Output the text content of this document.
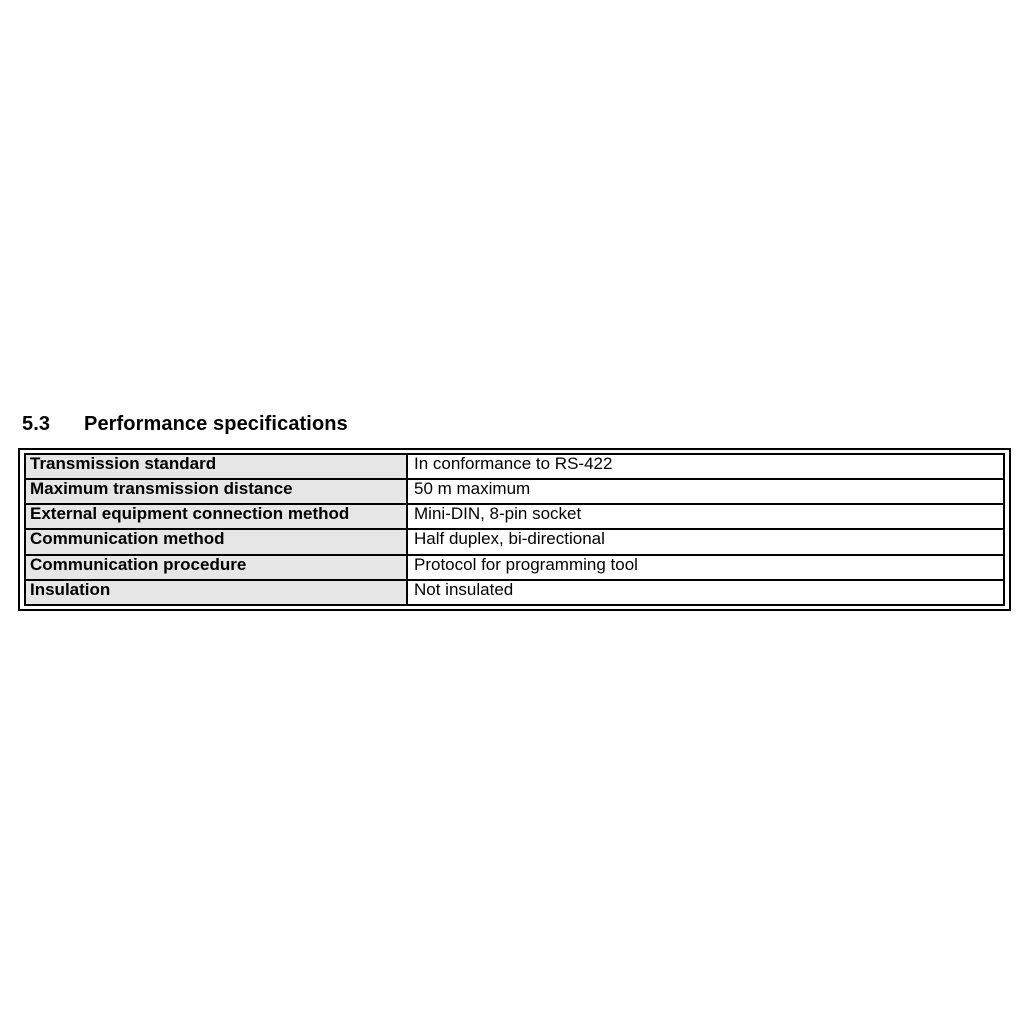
5.3	Performance specifications
Transmission standard	In conformance to RS-422
Maximum transmission distance	50 m maximum
External equipment connection method	Mini-DIN, 8-pin socket
Communication method	Half duplex, bi-directional
Communication procedure	Protocol for programming tool
Insulation	Not insulated
